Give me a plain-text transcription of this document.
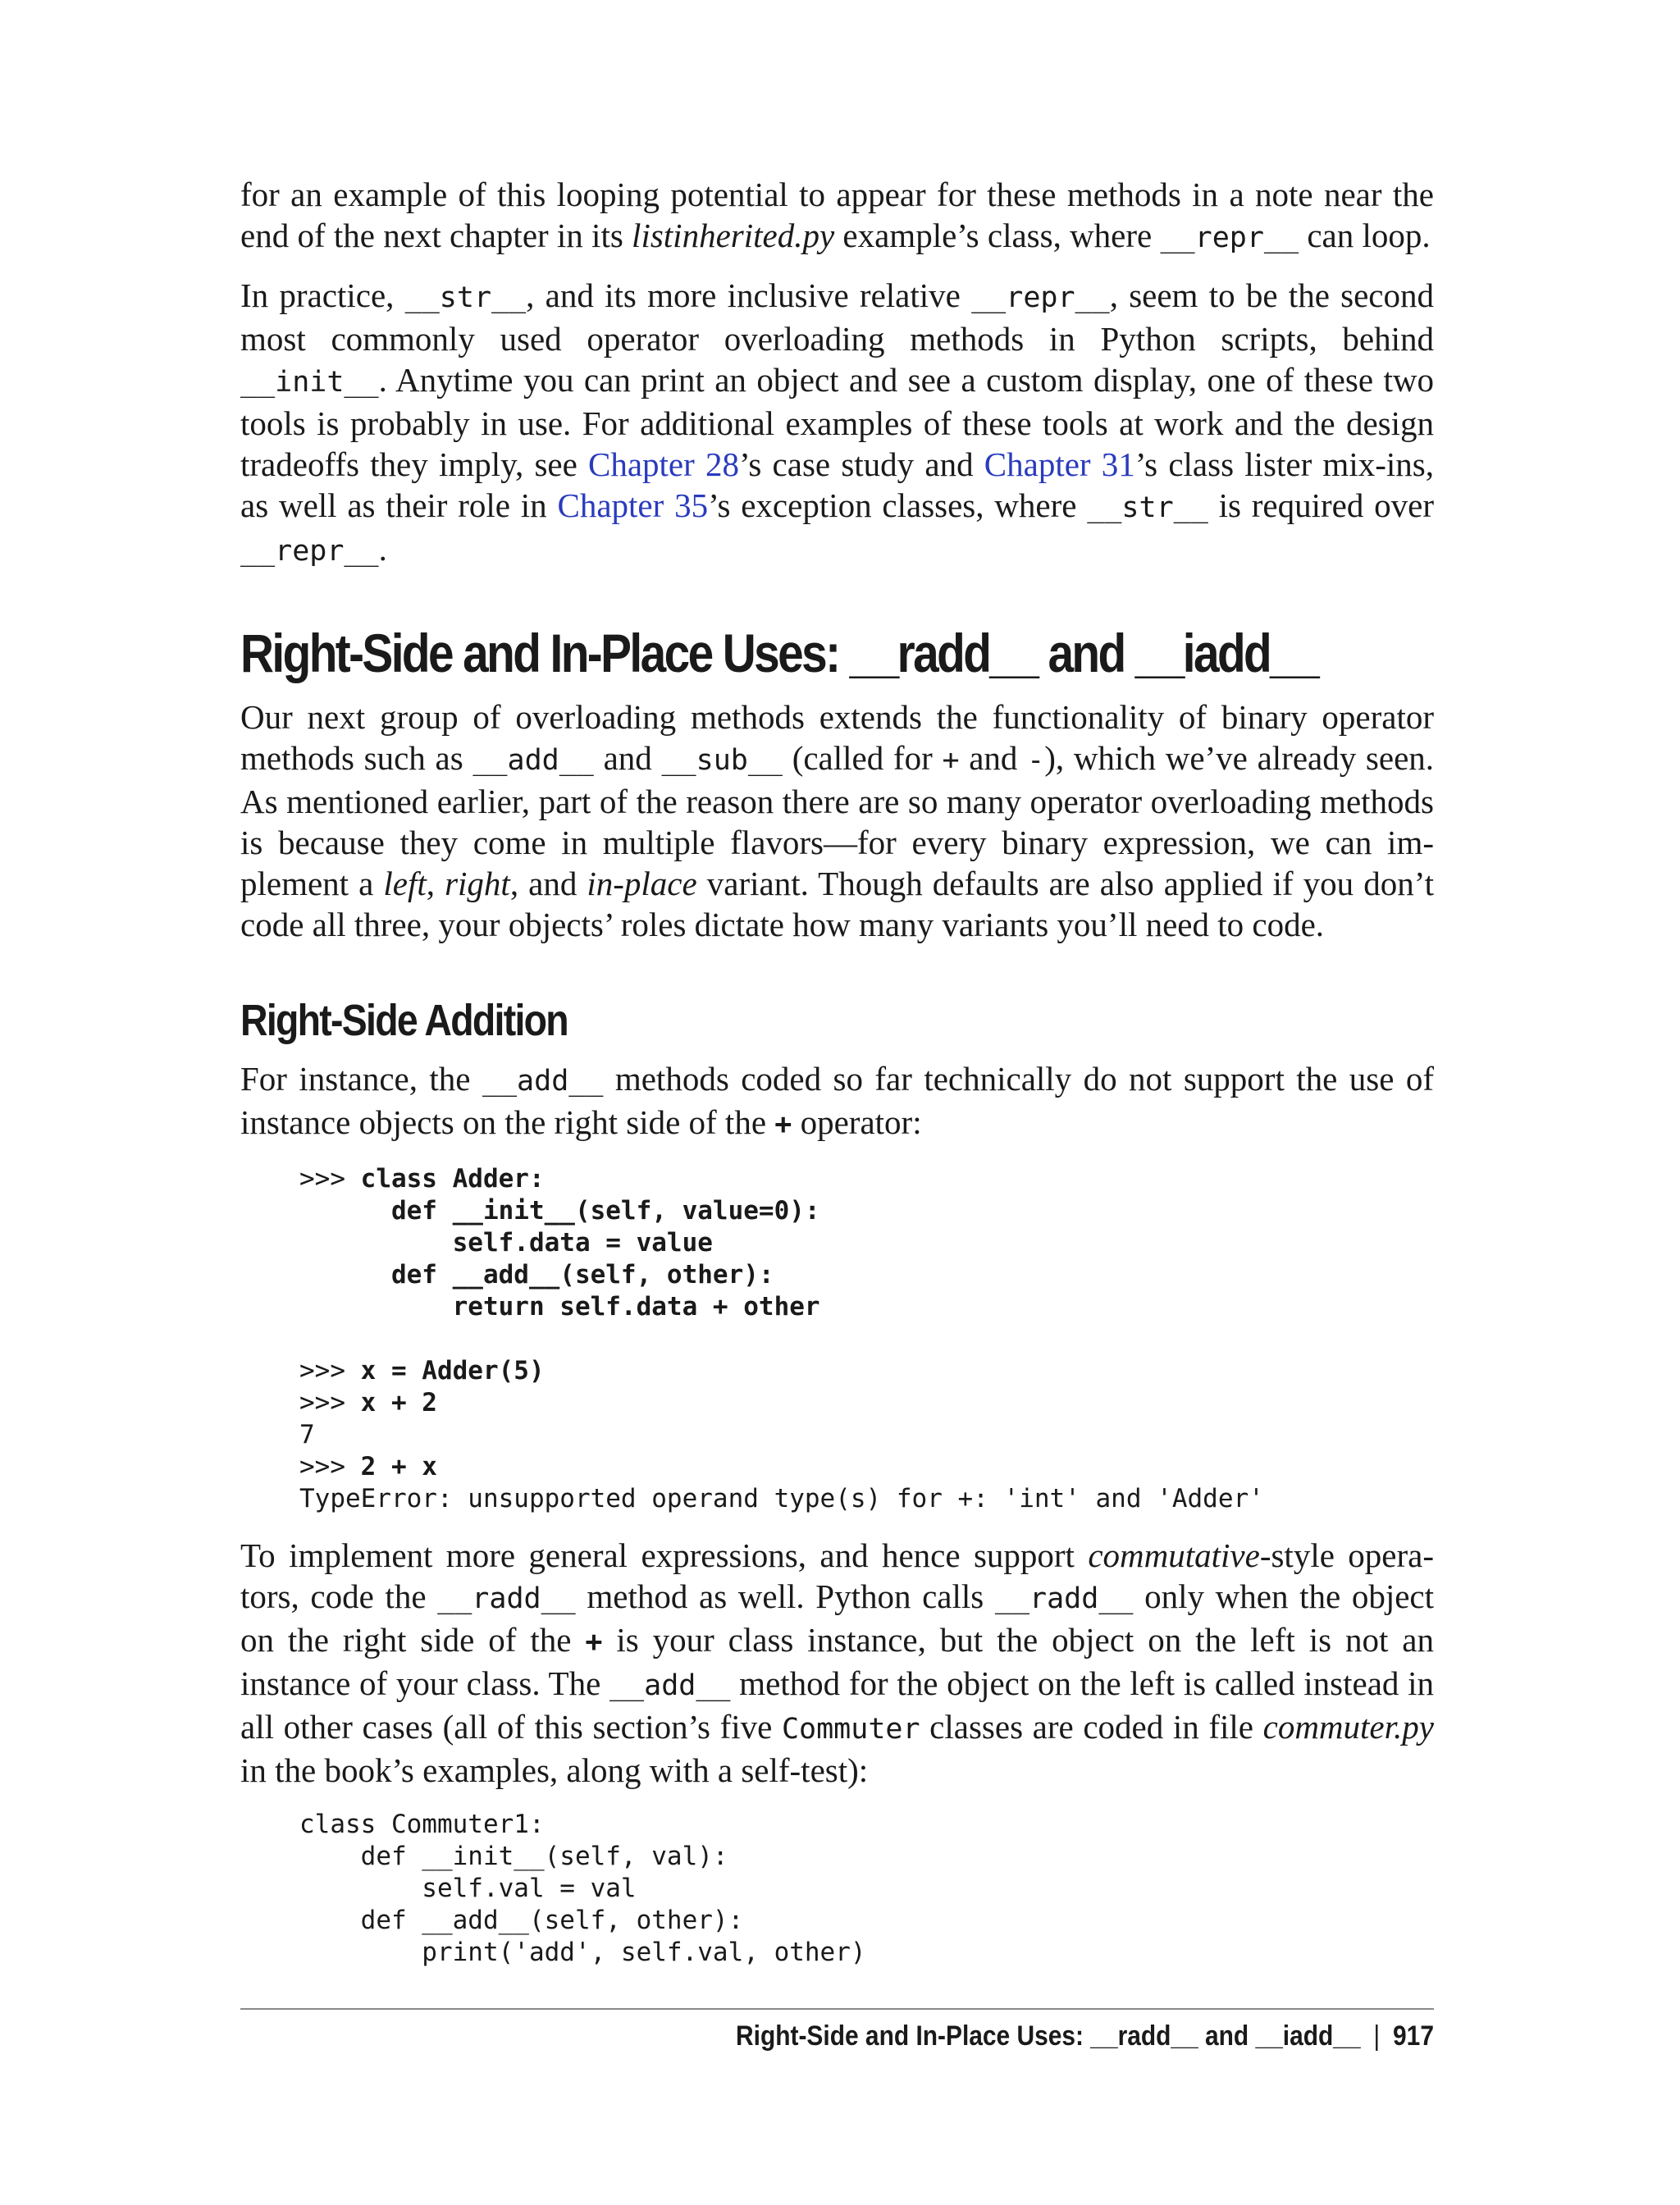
for an example of this looping potential to appear for these methods in a note near the end of the next chapter in its listinherited.py example’s class, where __repr__ can loop.

In practice, __str__, and its more inclusive relative __repr__, seem to be the second most commonly used operator overloading methods in Python scripts, behind __init__. Anytime you can print an object and see a custom display, one of these two tools is probably in use. For additional examples of these tools at work and the design tradeoffs they imply, see Chapter 28’s case study and Chapter 31’s class lister mix-ins, as well as their role in Chapter 35’s exception classes, where __str__ is required over __repr__.

Right-Side and In-Place Uses: __radd__ and __iadd__

Our next group of overloading methods extends the functionality of binary operator methods such as __add__ and __sub__ (called for + and -), which we’ve already seen. As mentioned earlier, part of the reason there are so many operator overloading methods is because they come in multiple flavors—for every binary expression, we can implement a left, right, and in-place variant. Though defaults are also applied if you don’t code all three, your objects’ roles dictate how many variants you’ll need to code.

Right-Side Addition

For instance, the __add__ methods coded so far technically do not support the use of instance objects on the right side of the + operator:

>>> class Adder:
def __init__(self, value=0):
self.data = value
def __add__(self, other):
return self.data + other

>>> x = Adder(5)
>>> x + 2
7
>>> 2 + x
TypeError: unsupported operand type(s) for +: 'int' and 'Adder'

To implement more general expressions, and hence support commutative-style operators, code the __radd__ method as well. Python calls __radd__ only when the object on the right side of the + is your class instance, but the object on the left is not an instance of your class. The __add__ method for the object on the left is called instead in all other cases (all of this section’s five Commuter classes are coded in file commuter.py in the book’s examples, along with a self-test):

class Commuter1:
def __init__(self, val):
self.val = val
def __add__(self, other):
print('add', self.val, other)
Right-Side and In-Place Uses: __radd__ and __iadd__ | 917
